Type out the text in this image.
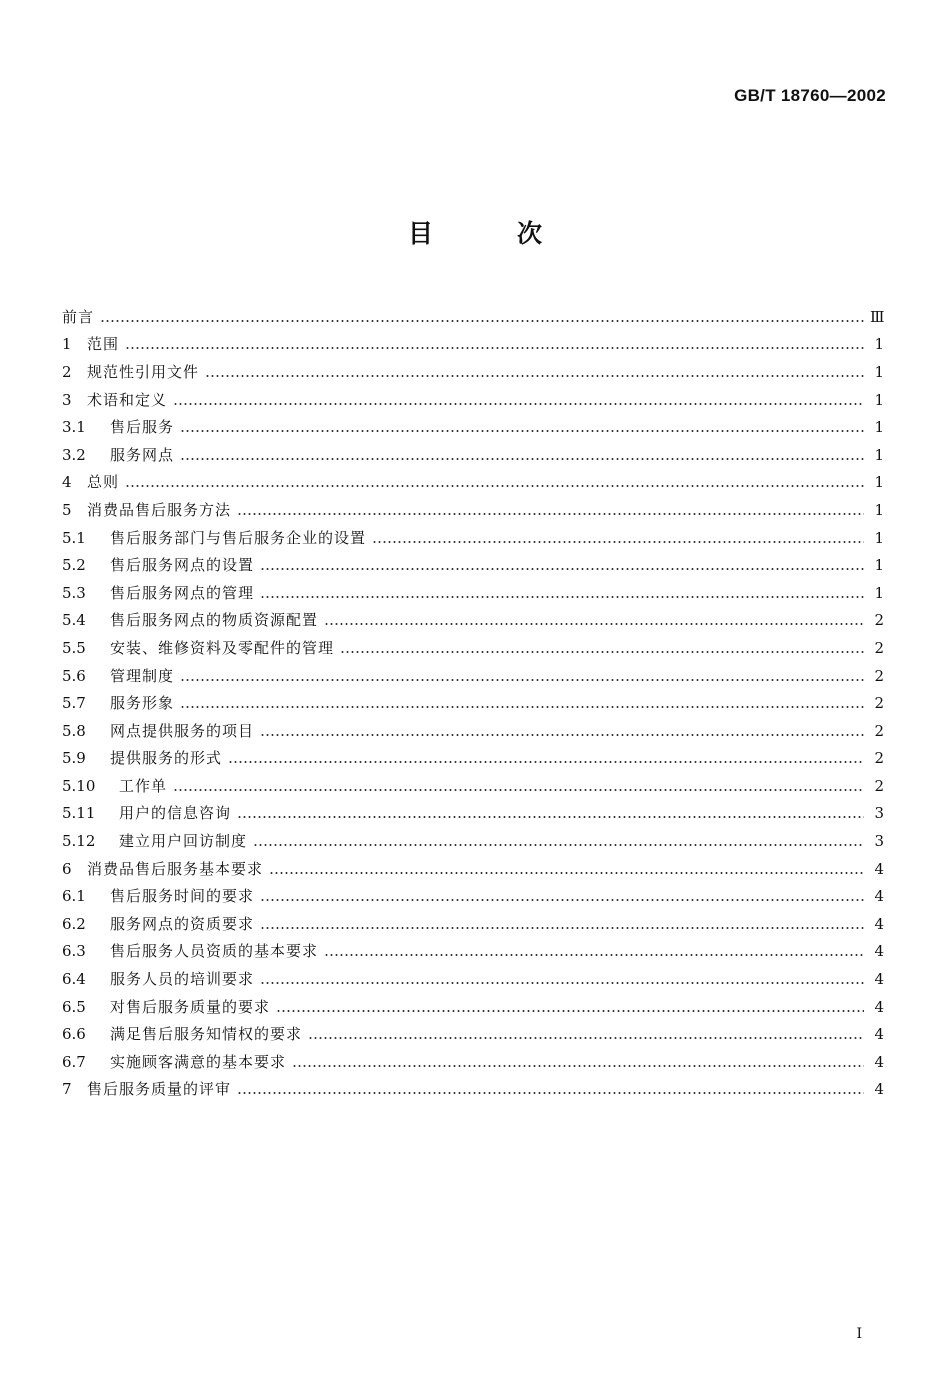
GB/T 18760—2002
目次
前言	Ⅲ
1	范围	1
2	规范性引用文件	1
3	术语和定义	1
3.1	售后服务	1
3.2	服务网点	1
4	总则	1
5	消费品售后服务方法	1
5.1	售后服务部门与售后服务企业的设置	1
5.2	售后服务网点的设置	1
5.3	售后服务网点的管理	1
5.4	售后服务网点的物质资源配置	2
5.5	安装、维修资料及零配件的管理	2
5.6	管理制度	2
5.7	服务形象	2
5.8	网点提供服务的项目	2
5.9	提供服务的形式	2
5.10	工作单	2
5.11	用户的信息咨询	3
5.12	建立用户回访制度	3
6	消费品售后服务基本要求	4
6.1	售后服务时间的要求	4
6.2	服务网点的资质要求	4
6.3	售后服务人员资质的基本要求	4
6.4	服务人员的培训要求	4
6.5	对售后服务质量的要求	4
6.6	满足售后服务知情权的要求	4
6.7	实施顾客满意的基本要求	4
7	售后服务质量的评审	4
Ⅰ
